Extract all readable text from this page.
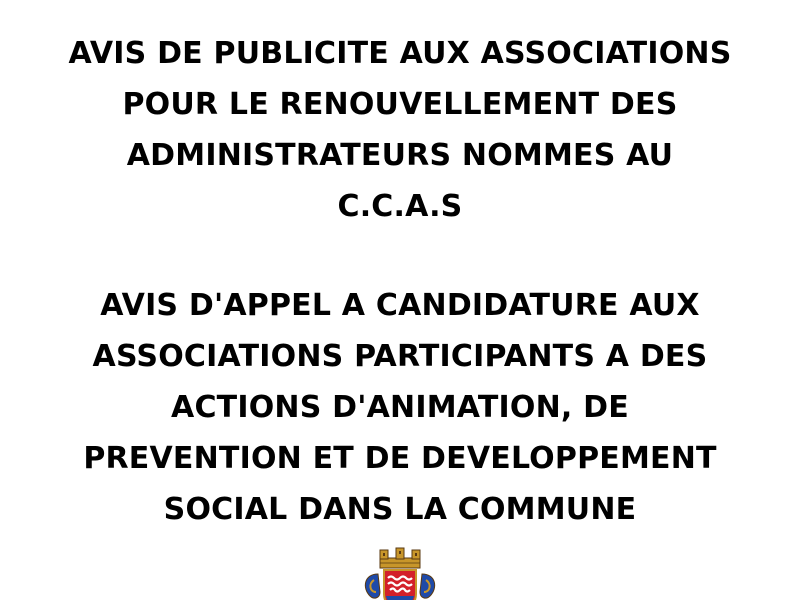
AVIS DE PUBLICITE AUX ASSOCIATIONS
POUR LE RENOUVELLEMENT DES
ADMINISTRATEURS NOMMES AU
C.C.A.S
AVIS D'APPEL A CANDIDATURE AUX
ASSOCIATIONS PARTICIPANTS A DES
ACTIONS D'ANIMATION, DE
PREVENTION ET DE DEVELOPPEMENT
SOCIAL DANS LA COMMUNE
